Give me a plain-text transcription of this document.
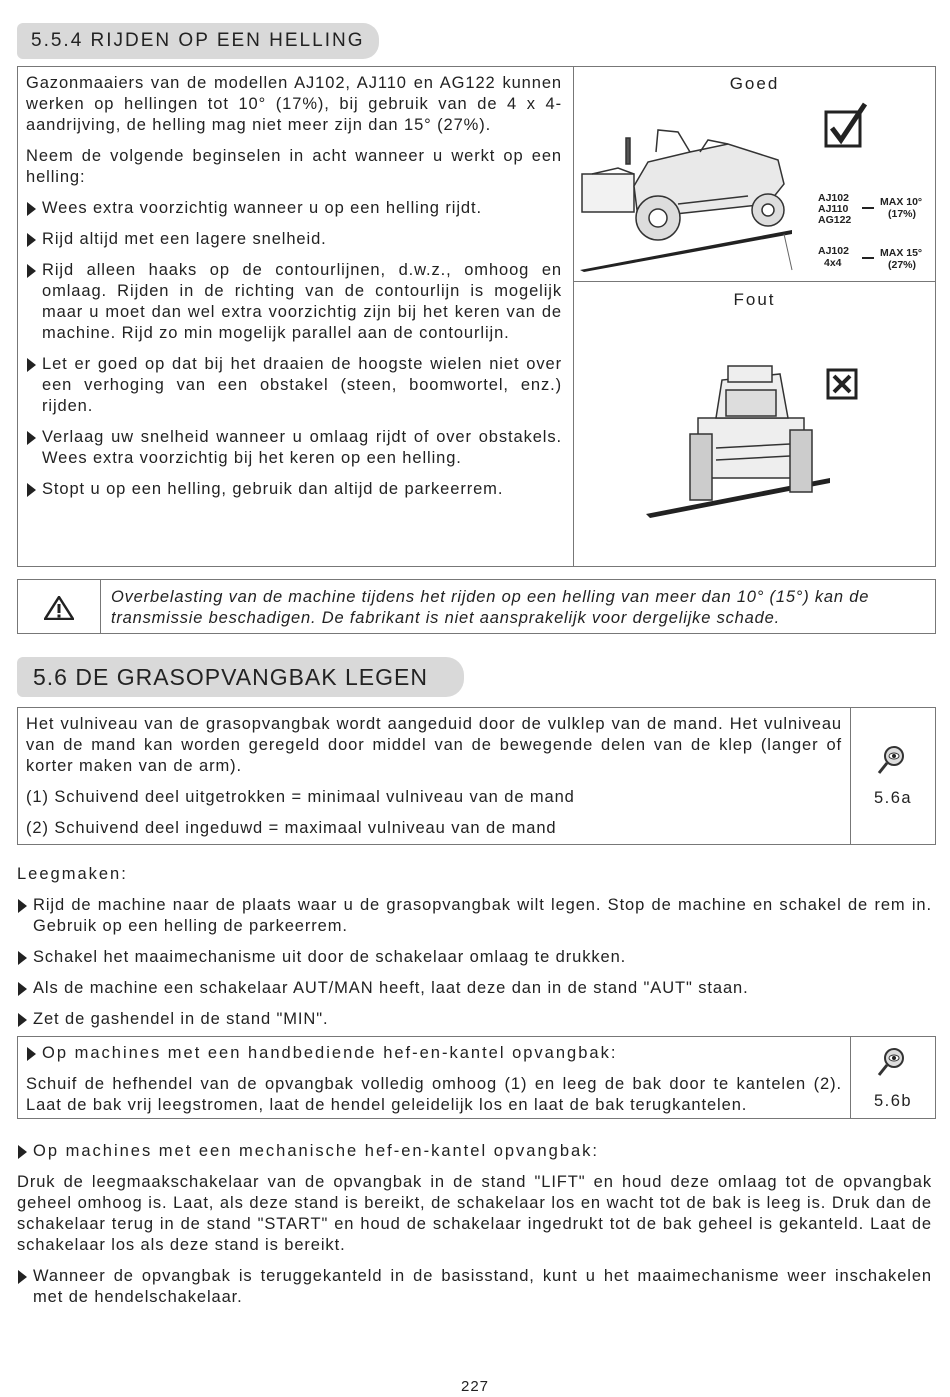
5.5.4 RIJDEN OP EEN HELLING

Gazonmaaiers van de modellen AJ102, AJ110 en AG122 kunnen werken op hellingen tot 10° (17%), bij gebruik van de 4 x 4-aandrijving, de helling mag niet meer zijn dan 15° (27%).

Neem de volgende beginselen in acht wanneer u werkt op een helling:

Wees extra voorzichtig wanneer u op een helling rijdt.
Rijd altijd met een lagere snelheid.
Rijd alleen haaks op de contourlijnen, d.w.z., omhoog en omlaag. Rijden in de richting van de contourlijn is mogelijk maar u moet dan wel extra voorzichtig zijn bij het keren van de machine. Rijd zo min mogelijk parallel aan de contourlijn.
Let er goed op dat bij het draaien de hoogste wielen niet over een verhoging van een obstakel (steen, boomwortel, enz.) rijden.
Verlaag uw snelheid wanneer u omlaag rijdt of over obstakels. Wees extra voorzichtig bij het keren op een helling.
Stopt u op een helling, gebruik dan altijd de parkeerrem.
Goed
AJ102
AJ110
AG122
MAX 10°
(17%)
AJ102
4x4
MAX 15°
(27%)
Fout
Overbelasting van de machine tijdens het rijden op een helling van meer dan 10° (15°) kan de transmissie beschadigen. De fabrikant is niet aansprakelijk voor dergelijke schade.
5.6 DE GRASOPVANGBAK LEGEN

Het vulniveau van de grasopvangbak wordt aangeduid door de vulklep van de mand. Het vulniveau van de mand kan worden geregeld door middel van de bewegende delen van de klep (langer of korter maken van de arm).

(1) Schuivend deel uitgetrokken = minimaal vulniveau van de mand

(2) Schuivend deel ingeduwd = maximaal vulniveau van de mand

5.6a
Leegmaken:
Rijd de machine naar de plaats waar u de grasopvangbak wilt legen. Stop de machine en schakel de rem in. Gebruik op een helling de parkeerrem.
Schakel het maaimechanisme uit door de schakelaar omlaag te drukken.
Als de machine een schakelaar AUT/MAN heeft, laat deze dan in de stand "AUT" staan.
Zet de gashendel in de stand "MIN".
Op machines met een handbediende hef-en-kantel opvangbak:

Schuif de hefhendel van de opvangbak volledig omhoog (1) en leeg de bak door te kantelen (2). Laat de bak vrij leegstromen, laat de hendel geleidelijk los en laat de bak terugkantelen.	5.6b
Op machines met een mechanische hef-en-kantel opvangbak:

Druk de leegmaakschakelaar van de opvangbak in de stand "LIFT" en houd deze omlaag tot de opvangbak geheel omhoog is. Laat, als deze stand is bereikt, de schakelaar los en wacht tot de bak is leeg is. Druk dan de schakelaar terug in de stand "START" en houd de schakelaar ingedrukt tot de bak geheel is gekanteld. Laat de schakelaar los als deze stand is bereikt.

Wanneer de opvangbak is teruggekanteld in de basisstand, kunt u het maaimechanisme weer inschakelen met de hendelschakelaar.
227
